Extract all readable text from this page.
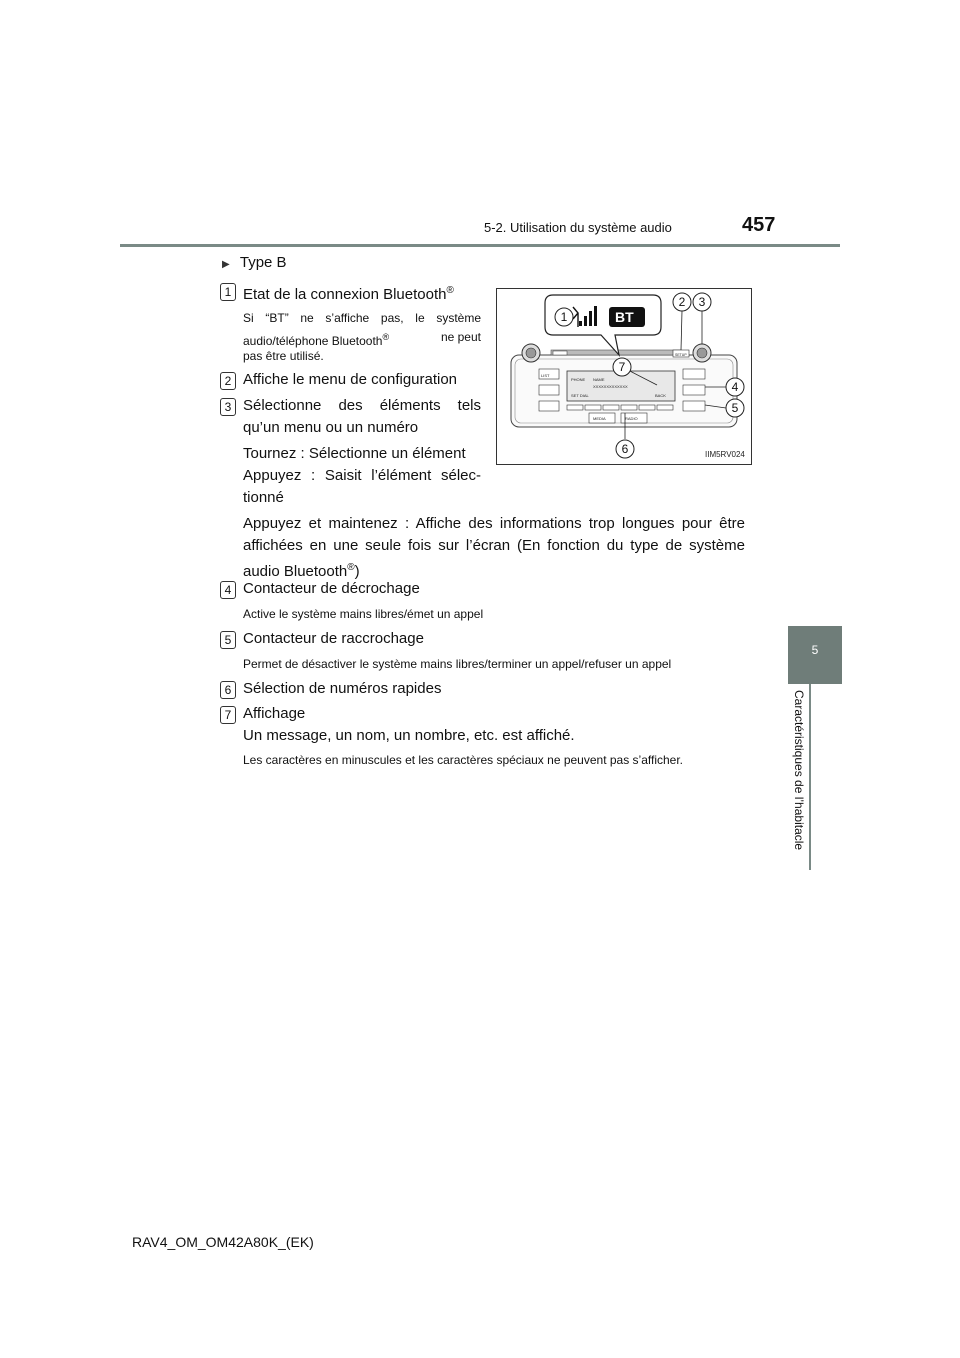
5-2. Utilisation du système audio	457
5
Caractéristiques de l’habitacle
▶ Type B
1 Etat de la connexion Bluetooth®
Si “BT” ne s’affiche pas, le système
audio/téléphone Bluetooth®	ne peut
pas être utilisé.
2 Affiche le menu de configuration
3 Sélectionne des éléments tels
qu’un menu ou un numéro
Tournez : Sélectionne un élément
Appuyez : Saisit l’élément sélec-
tionné
Appuyez et maintenez : Affiche des informations trop longues pour être
affichées en une seule fois sur l’écran (En fonction du type de système
audio Bluetooth®)
4 Contacteur de décrochage
Active le système mains libres/émet un appel
5 Contacteur de raccrochage
Permet de désactiver le système mains libres/terminer un appel/refuser un appel
6 Sélection de numéros rapides
7 Affichage
Un message, un nom, un nombre, etc. est affiché.
Les caractères en minuscules et les caractères spéciaux ne peuvent pas s’afficher.
LIST
PHONE NAME
XXXXXXXXXXXXX
SET DIAL	BACK
SETUP
MEDIA	RADIO
BT
1
2 3
4
5
6
7
IIM5RV024
RAV4_OM_OM42A80K_(EK)
